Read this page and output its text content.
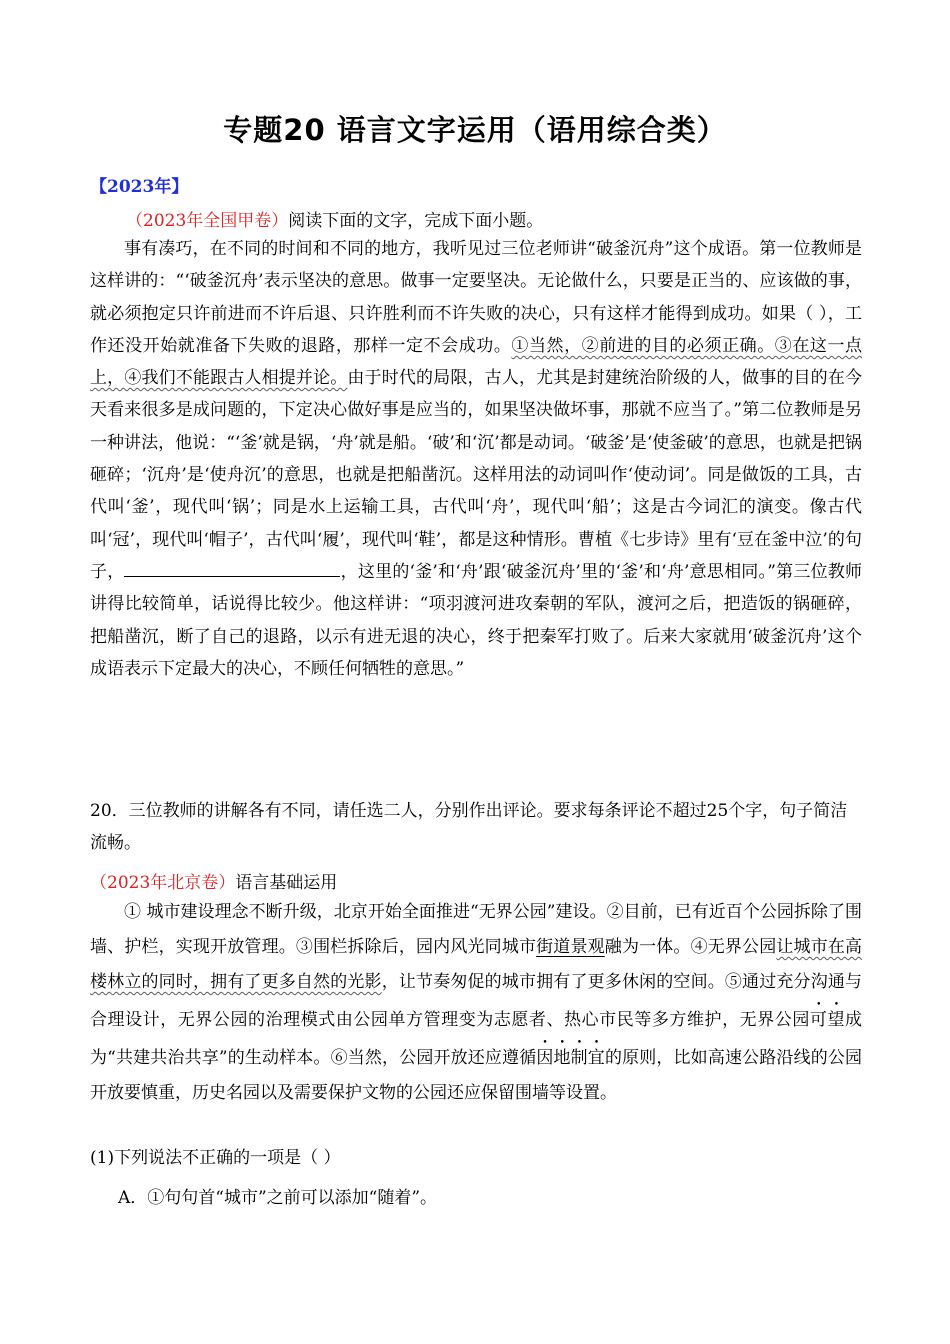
专题20 语言文字运用（语用综合类）
【2023年】
（2023年全国甲卷）阅读下面的文字，完成下面小题。

事有凑巧，在不同的时间和不同的地方，我听见过三位老师讲“破釜沉舟”这个成语。第一位教师是这样讲的：“‘破釜沉舟’表示坚决的意思。做事一定要坚决。无论做什么，只要是正当的、应该做的事，就必须抱定只许前进而不许后退、只许胜利而不许失败的决心，只有这样才能得到成功。如果（ ），工作还没开始就准备下失败的退路，那样一定不会成功。①当然，②前进的目的必须正确。③在这一点上，④我们不能跟古人相提并论。由于时代的局限，古人，尤其是封建统治阶级的人，做事的目的在今天看来很多是成问题的，下定决心做好事是应当的，如果坚决做坏事，那就不应当了。”第二位教师是另一种讲法，他说：“‘釜’就是锅，‘舟’就是船。‘破’和‘沉’都是动词。‘破釜’是‘使釜破’的意思，也就是把锅砸碎；‘沉舟’是‘使舟沉’的意思，也就是把船凿沉。这样用法的动词叫作‘使动词’。同是做饭的工具，古代叫‘釜’，现代叫‘锅’；同是水上运输工具，古代叫‘舟’，现代叫‘船’；这是古今词汇的演变。像古代叫‘冠’，现代叫‘帽子’，古代叫‘履’，现代叫‘鞋’，都是这种情形。曹植《七步诗》里有‘豆在釜中泣’的句子，	，这里的‘釜’和‘舟’跟‘破釜沉舟’里的‘釜’和‘舟’意思相同。”第三位教师讲得比较简单，话说得比较少。他这样讲：“项羽渡河进攻秦朝的军队，渡河之后，把造饭的锅砸碎，把船凿沉，断了自己的退路，以示有进无退的决心，终于把秦军打败了。后来大家就用‘破釜沉舟’这个成语表示下定最大的决心，不顾任何牺牲的意思。”

20．三位教师的讲解各有不同，请任选二人，分别作出评论。要求每条评论不超过25个字，句子简洁流畅。
（2023年北京卷）语言基础运用

① 城市建设理念不断升级，北京开始全面推进“无界公园”建设。②目前，已有近百个公园拆除了围墙、护栏，实现开放管理。③围栏拆除后，园内风光同城市街道景观融为一体。④无界公园让城市在高楼林立的同时，拥有了更多自然的光影，让节奏匆促的城市拥有了更多休闲的空间。⑤通过充分沟通与合理设计，无界公园的治理模式由公园单方管理变为志愿者、热心市民等多方维护，无界公园可望成为“共建共治共享”的生动样本。⑥当然，公园开放还应遵循因地制宜的原则，比如高速公路沿线的公园开放要慎重，历史名园以及需要保护文物的公园还应保留围墙等设置。

(1)下列说法不正确的一项是（ ）
A．①句句首“城市”之前可以添加“随着”。
